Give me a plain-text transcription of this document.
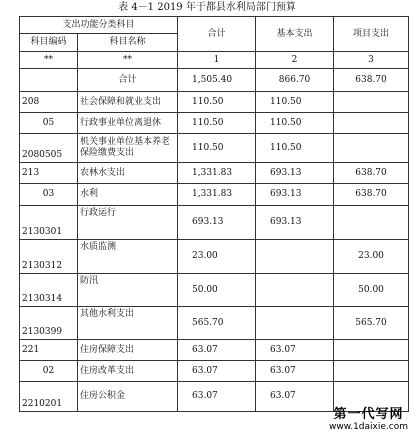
表 4－1 2019 年于都县水利局部门预算
支出功能分类科目		合计	基本支出	项目支出
科目编码	科目名称			
**	**	1	2	3
	合计	1,505.40	866.70	638.70
208	社会保障和就业支出	110.50	110.50	
05	行政事业单位离退休	110.50	110.50	
2080505	机关事业单位基本养老保险缴费支出	110.50	110.50	
213	农林水支出	1,331.83	693.13	638.70
03	水利	1,331.83	693.13	638.70
2130301	行政运行	693.13	693.13	
2130312	水质监测	23.00		23.00
2130314	防汛	50.00		50.00
2130399	其他水利支出	565.70		565.70
221	住房保障支出	63.07	63.07	
02	住房改革支出	63.07	63.07	
2210201	住房公积金	63.07	63.07	
第一代写网
www.1daixie.com
